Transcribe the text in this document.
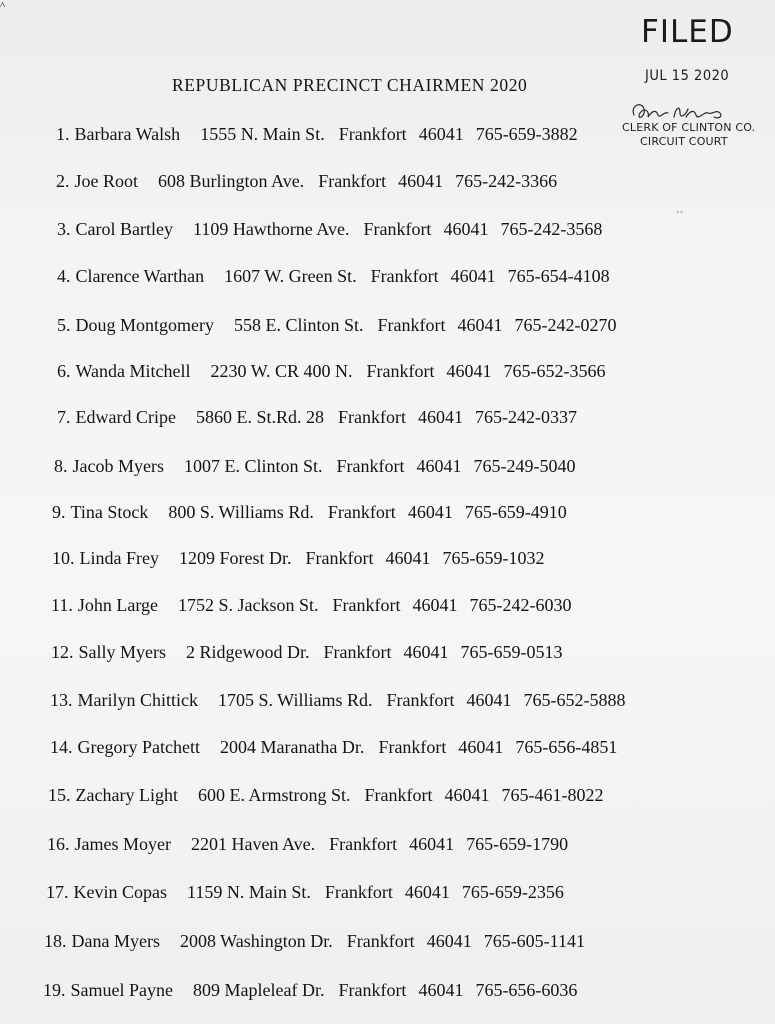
^
FILED
JUL 15 2020
CLERK OF CLINTON CO.
CIRCUIT COURT
REPUBLICAN PRECINCT CHAIRMEN 2020
``
1. Barbara Walsh 1555 N. Main St. Frankfort 46041 765-659-3882
2. Joe Root 608 Burlington Ave. Frankfort 46041 765-242-3366
3. Carol Bartley 1109 Hawthorne Ave. Frankfort 46041 765-242-3568
4. Clarence Warthan 1607 W. Green St. Frankfort 46041 765-654-4108
5. Doug Montgomery 558 E. Clinton St. Frankfort 46041 765-242-0270
6. Wanda Mitchell 2230 W. CR 400 N. Frankfort 46041 765-652-3566
7. Edward Cripe 5860 E. St.Rd. 28 Frankfort 46041 765-242-0337
8. Jacob Myers 1007 E. Clinton St. Frankfort 46041 765-249-5040
9. Tina Stock 800 S. Williams Rd. Frankfort 46041 765-659-4910
10. Linda Frey 1209 Forest Dr. Frankfort 46041 765-659-1032
11. John Large 1752 S. Jackson St. Frankfort 46041 765-242-6030
12. Sally Myers 2 Ridgewood Dr. Frankfort 46041 765-659-0513
13. Marilyn Chittick 1705 S. Williams Rd. Frankfort 46041 765-652-5888
14. Gregory Patchett 2004 Maranatha Dr. Frankfort 46041 765-656-4851
15. Zachary Light 600 E. Armstrong St. Frankfort 46041 765-461-8022
16. James Moyer 2201 Haven Ave. Frankfort 46041 765-659-1790
17. Kevin Copas 1159 N. Main St. Frankfort 46041 765-659-2356
18. Dana Myers 2008 Washington Dr. Frankfort 46041 765-605-1141
19. Samuel Payne 809 Mapleleaf Dr. Frankfort 46041 765-656-6036
